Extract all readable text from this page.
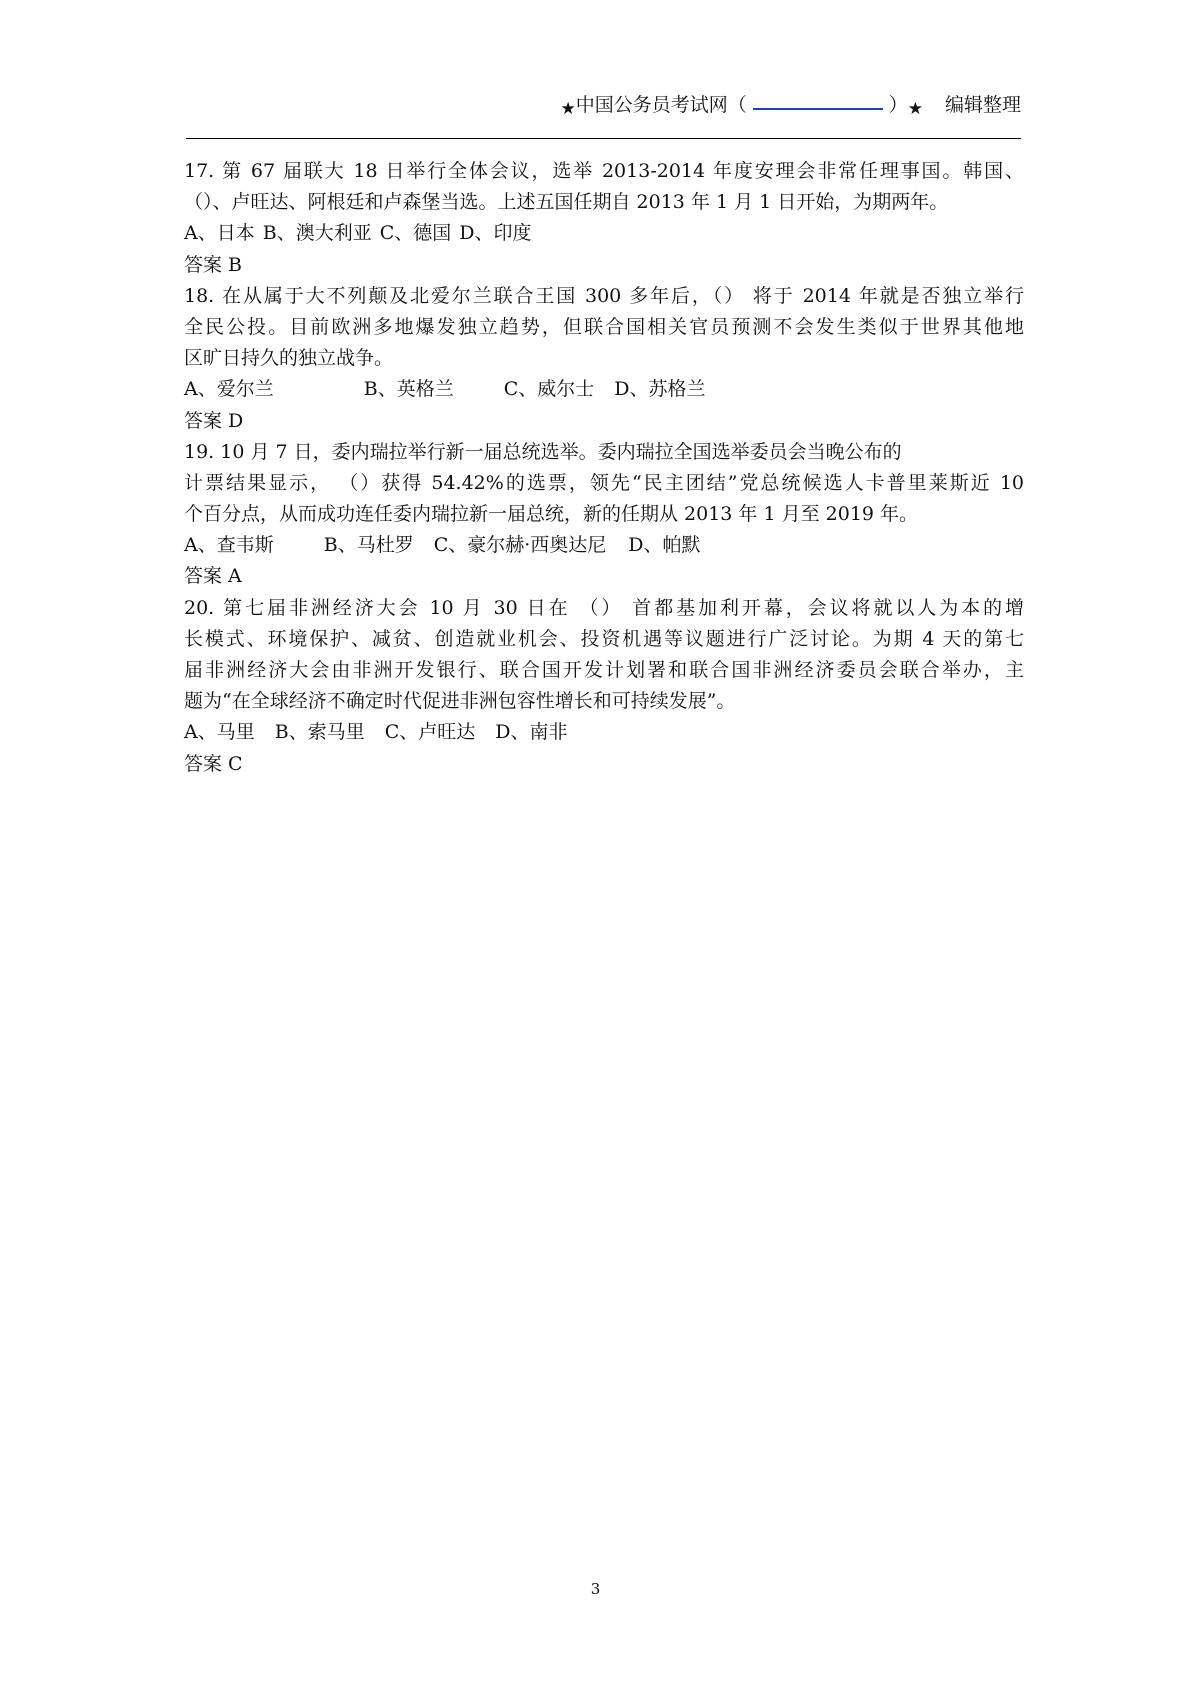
★中国公务员考试网（	）★ 编辑整理
17. 第 67 届联大 18 日举行全体会议，选举 2013-2014 年度安理会非常任理事国。韩国、
（）、卢旺达、阿根廷和卢森堡当选。上述五国任期自 2013 年 1 月 1 日开始，为期两年。
A、日本 B、澳大利亚 C、德国 D、印度
答案 B
18. 在从属于大不列颠及北爱尔兰联合王国 300 多年后，（） 将于 2014 年就是否独立举行
全民公投。目前欧洲多地爆发独立趋势，但联合国相关官员预测不会发生类似于世界其他地
区旷日持久的独立战争。
A、爱尔兰	B、英格兰	C、威尔士 D、苏格兰
答案 D
19. 10 月 7 日，委内瑞拉举行新一届总统选举。委内瑞拉全国选举委员会当晚公布的
计票结果显示， （）获得 54.42%的选票，领先“民主团结”党总统候选人卡普里莱斯近 10
个百分点，从而成功连任委内瑞拉新一届总统，新的任期从 2013 年 1 月至 2019 年。
A、查韦斯	B、马杜罗 C、豪尔赫·西奥达尼 D、帕默
答案 A
20. 第七届非洲经济大会 10 月 30 日在 （） 首都基加利开幕，会议将就以人为本的增
长模式、环境保护、减贫、创造就业机会、投资机遇等议题进行广泛讨论。为期 4 天的第七
届非洲经济大会由非洲开发银行、联合国开发计划署和联合国非洲经济委员会联合举办，主
题为“在全球经济不确定时代促进非洲包容性增长和可持续发展”。
A、马里 B、索马里 C、卢旺达 D、南非
答案 C
3
